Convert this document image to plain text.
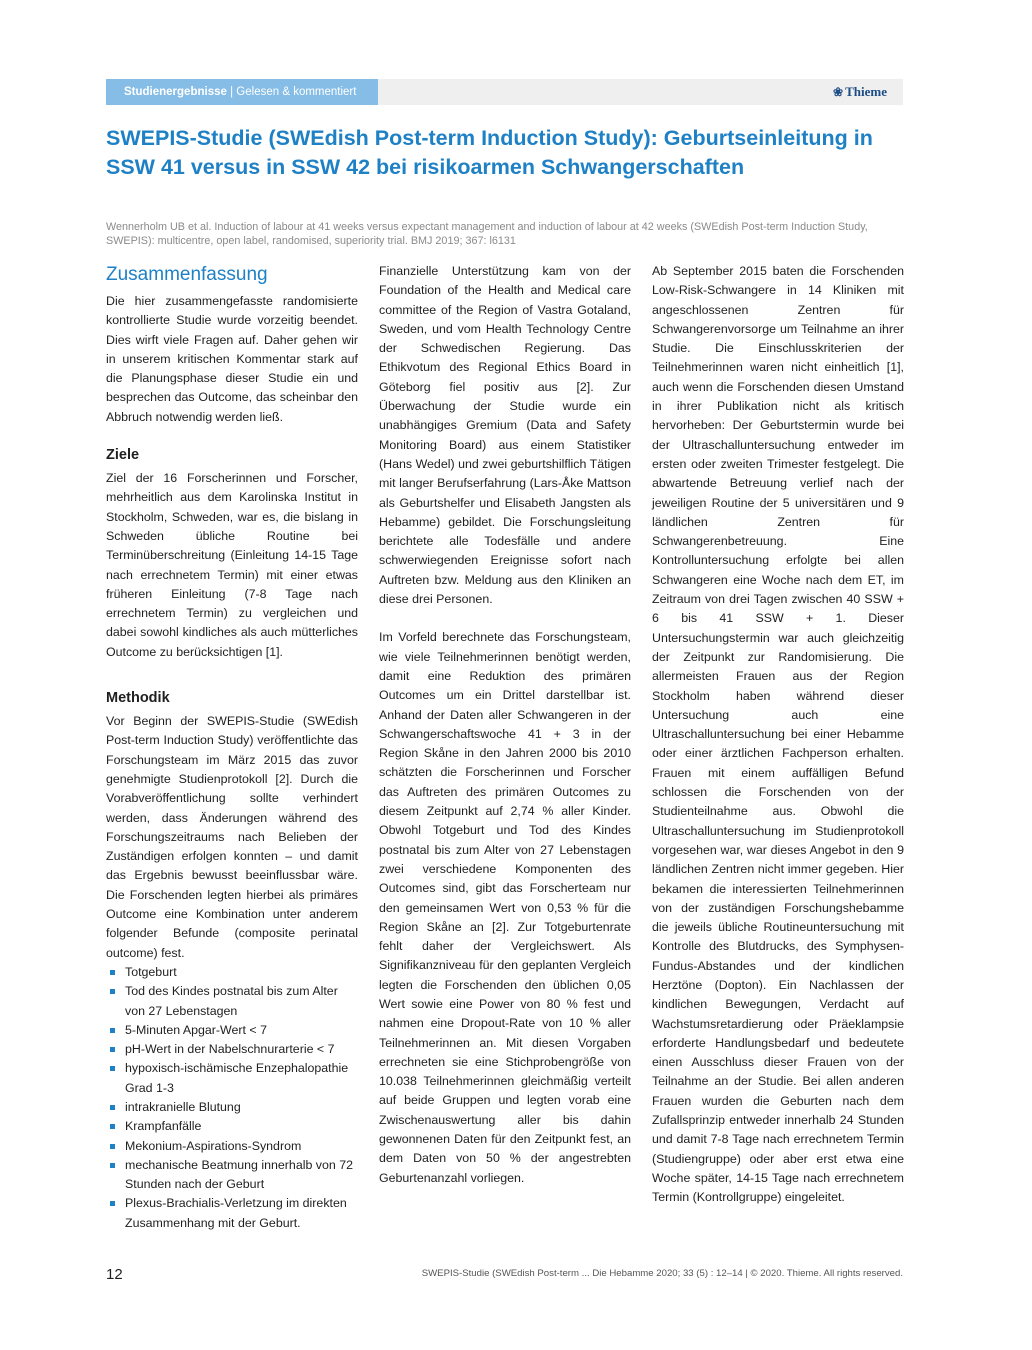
Studienergebnisse | Gelesen & kommentiert	❀ Thieme
SWEPIS-Studie (SWEdish Post-term Induction Study): Geburtseinleitung in SSW 41 versus in SSW 42 bei risikoarmen Schwangerschaften
Wennerholm UB et al. Induction of labour at 41 weeks versus expectant management and induction of labour at 42 weeks (SWEdish Post-term Induction Study, SWEPIS): multicentre, open label, randomised, superiority trial. BMJ 2019; 367: l6131
Zusammenfassung

Die hier zusammengefasste randomisierte kontrollierte Studie wurde vorzeitig beendet. Dies wirft viele Fragen auf. Daher gehen wir in unserem kritischen Kommentar stark auf die Planungsphase dieser Studie ein und besprechen das Outcome, das scheinbar den Abbruch notwendig werden ließ.

Ziele

Ziel der 16 Forscherinnen und Forscher, mehrheitlich aus dem Karolinska Institut in Stockholm, Schweden, war es, die bislang in Schweden übliche Routine bei Terminüberschreitung (Einleitung 14-15 Tage nach errechnetem Termin) mit einer etwas früheren Einleitung (7-8 Tage nach errechnetem Termin) zu vergleichen und dabei sowohl kindliches als auch mütterliches Outcome zu berücksichtigen [1].

Methodik

Vor Beginn der SWEPIS-Studie (SWEdish Post-term Induction Study) veröffentlichte das Forschungsteam im März 2015 das zuvor genehmigte Studienprotokoll [2]. Durch die Vorabveröffentlichung sollte verhindert werden, dass Änderungen während des Forschungszeitraums nach Belieben der Zuständigen erfolgen konnten – und damit das Ergebnis bewusst beeinflussbar wäre. Die Forschenden legten hierbei als primäres Outcome eine Kombination unter anderem folgender Befunde (composite perinatal outcome) fest.

Totgeburt
Tod des Kindes postnatal bis zum Alter von 27 Lebenstagen
5-Minuten Apgar-Wert < 7
pH-Wert in der Nabelschnurarterie < 7
hypoxisch-ischämische Enzephalopathie Grad 1-3
intrakranielle Blutung
Krampfanfälle
Mekonium-Aspirations-Syndrom
mechanische Beatmung innerhalb von 72 Stunden nach der Geburt
Plexus-Brachialis-Verletzung im direkten Zusammenhang mit der Geburt.

Finanzielle Unterstützung kam von der Foundation of the Health and Medical care committee of the Region of Vastra Gotaland, Sweden, und vom Health Technology Centre der Schwedischen Regierung. Das Ethikvotum des Regional Ethics Board in Göteborg fiel positiv aus [2]. Zur Überwachung der Studie wurde ein unabhängiges Gremium (Data and Safety Monitoring Board) aus einem Statistiker (Hans Wedel) und zwei geburtshilflich Tätigen mit langer Berufserfahrung (Lars-Åke Mattson als Geburtshelfer und Elisabeth Jangsten als Hebamme) gebildet. Die Forschungsleitung berichtete alle Todesfälle und andere schwerwiegenden Ereignisse sofort nach Auftreten bzw. Meldung aus den Kliniken an diese drei Personen.

Im Vorfeld berechnete das Forschungsteam, wie viele Teilnehmerinnen benötigt werden, damit eine Reduktion des primären Outcomes um ein Drittel darstellbar ist. Anhand der Daten aller Schwangeren in der Schwangerschaftswoche 41 + 3 in der Region Skåne in den Jahren 2000 bis 2010 schätzten die Forscherinnen und Forscher das Auftreten des primären Outcomes zu diesem Zeitpunkt auf 2,74 % aller Kinder. Obwohl Totgeburt und Tod des Kindes postnatal bis zum Alter von 27 Lebenstagen zwei verschiedene Komponenten des Outcomes sind, gibt das Forscherteam nur den gemeinsamen Wert von 0,53 % für die Region Skåne an [2]. Zur Totgeburtenrate fehlt daher der Vergleichswert. Als Signifikanzniveau für den geplanten Vergleich legten die Forschenden den üblichen 0,05 Wert sowie eine Power von 80 % fest und nahmen eine Dropout-Rate von 10 % aller Teilnehmerinnen an. Mit diesen Vorgaben errechneten sie eine Stichprobengröße von 10.038 Teilnehmerinnen gleichmäßig verteilt auf beide Gruppen und legten vorab eine Zwischenauswertung aller bis dahin gewonnenen Daten für den Zeitpunkt fest, an dem Daten von 50 % der angestrebten Geburtenanzahl vorliegen.

Ab September 2015 baten die Forschenden Low-Risk-Schwangere in 14 Kliniken mit angeschlossenen Zentren für Schwangerenvorsorge um Teilnahme an ihrer Studie. Die Einschlusskriterien der Teilnehmerinnen waren nicht einheitlich [1], auch wenn die Forschenden diesen Umstand in ihrer Publikation nicht als kritisch hervorheben: Der Geburtstermin wurde bei der Ultraschalluntersuchung entweder im ersten oder zweiten Trimester festgelegt. Die abwartende Betreuung verlief nach der jeweiligen Routine der 5 universitären und 9 ländlichen Zentren für Schwangerenbetreuung. Eine Kontrolluntersuchung erfolgte bei allen Schwangeren eine Woche nach dem ET, im Zeitraum von drei Tagen zwischen 40 SSW + 6 bis 41 SSW + 1. Dieser Untersuchungstermin war auch gleichzeitig der Zeitpunkt zur Randomisierung. Die allermeisten Frauen aus der Region Stockholm haben während dieser Untersuchung auch eine Ultraschalluntersuchung bei einer Hebamme oder einer ärztlichen Fachperson erhalten. Frauen mit einem auffälligen Befund schlossen die Forschenden von der Studienteilnahme aus. Obwohl die Ultraschalluntersuchung im Studienprotokoll vorgesehen war, war dieses Angebot in den 9 ländlichen Zentren nicht immer gegeben. Hier bekamen die interessierten Teilnehmerinnen von der zuständigen Forschungshebamme die jeweils übliche Routineuntersuchung mit Kontrolle des Blutdrucks, des Symphysen-Fundus-Abstandes und der kindlichen Herztöne (Dopton). Ein Nachlassen der kindlichen Bewegungen, Verdacht auf Wachstumsretardierung oder Präeklampsie erforderte Handlungsbedarf und bedeutete einen Ausschluss dieser Frauen von der Teilnahme an der Studie. Bei allen anderen Frauen wurden die Geburten nach dem Zufallsprinzip entweder innerhalb 24 Stunden und damit 7-8 Tage nach errechnetem Termin (Studiengruppe) oder aber erst etwa eine Woche später, 14-15 Tage nach errechnetem Termin (Kontrollgruppe) eingeleitet.

12	SWEPIS-Studie (SWEdish Post-term ... Die Hebamme 2020; 33 (5) : 12–14 | © 2020. Thieme. All rights reserved.
